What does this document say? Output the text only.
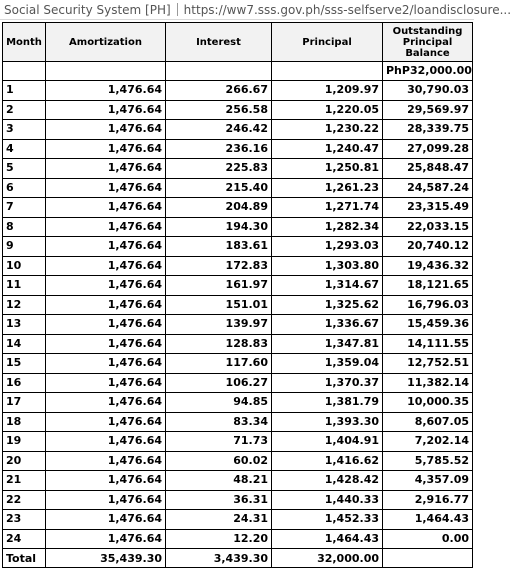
Social Security System [PH] https://ww7.sss.gov.ph/sss-selfserve2/loandisclosure...
Month	Amortization	Interest	Principal	Outstanding Principal Balance
				PhP32,000.00
1	1,476.64	266.67	1,209.97	30,790.03
2	1,476.64	256.58	1,220.05	29,569.97
3	1,476.64	246.42	1,230.22	28,339.75
4	1,476.64	236.16	1,240.47	27,099.28
5	1,476.64	225.83	1,250.81	25,848.47
6	1,476.64	215.40	1,261.23	24,587.24
7	1,476.64	204.89	1,271.74	23,315.49
8	1,476.64	194.30	1,282.34	22,033.15
9	1,476.64	183.61	1,293.03	20,740.12
10	1,476.64	172.83	1,303.80	19,436.32
11	1,476.64	161.97	1,314.67	18,121.65
12	1,476.64	151.01	1,325.62	16,796.03
13	1,476.64	139.97	1,336.67	15,459.36
14	1,476.64	128.83	1,347.81	14,111.55
15	1,476.64	117.60	1,359.04	12,752.51
16	1,476.64	106.27	1,370.37	11,382.14
17	1,476.64	94.85	1,381.79	10,000.35
18	1,476.64	83.34	1,393.30	8,607.05
19	1,476.64	71.73	1,404.91	7,202.14
20	1,476.64	60.02	1,416.62	5,785.52
21	1,476.64	48.21	1,428.42	4,357.09
22	1,476.64	36.31	1,440.33	2,916.77
23	1,476.64	24.31	1,452.33	1,464.43
24	1,476.64	12.20	1,464.43	0.00
Total	35,439.30	3,439.30	32,000.00	
